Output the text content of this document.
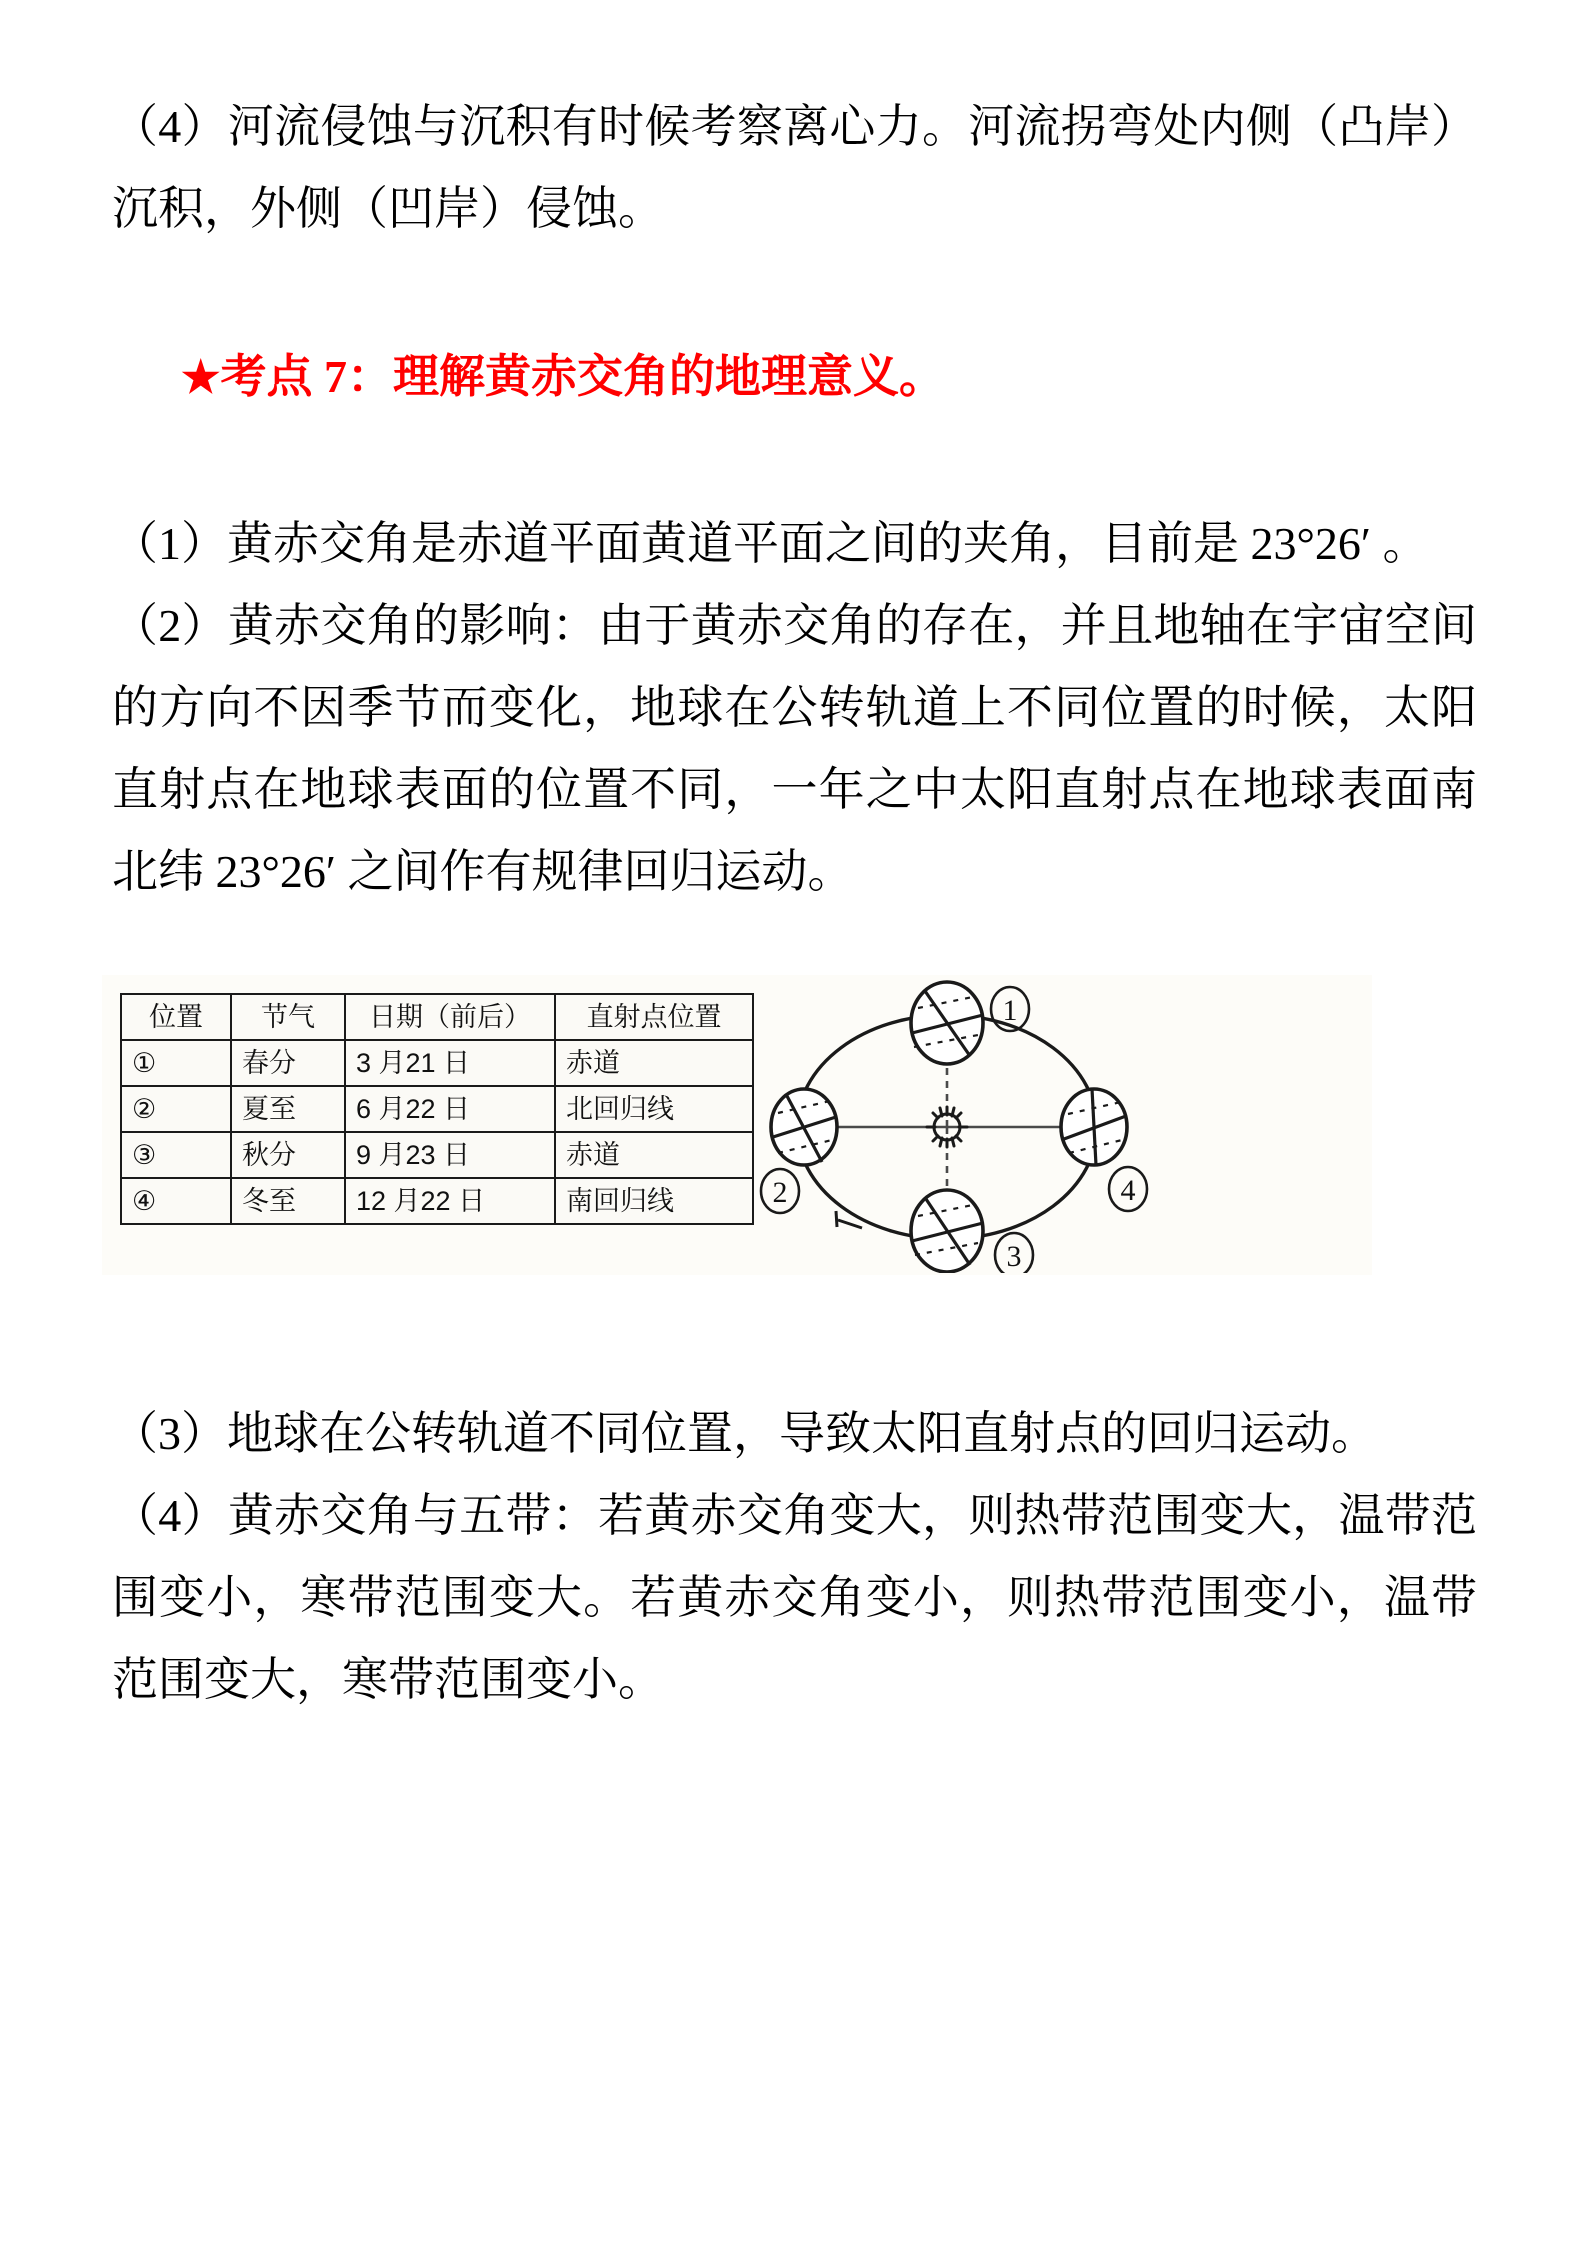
（4）河流侵蚀与沉积有时候考察离心力。河流拐弯处内侧（凸岸）沉积，外侧（凹岸）侵蚀。

★考点 7：理解黄赤交角的地理意义。

（1）黄赤交角是赤道平面黄道平面之间的夹角，目前是 23°26′ 。

（2）黄赤交角的影响：由于黄赤交角的存在，并且地轴在宇宙空间的方向不因季节而变化，地球在公转轨道上不同位置的时候，太阳直射点在地球表面的位置不同，一年之中太阳直射点在地球表面南北纬 23°26′ 之间作有规律回归运动。

位置	节气	日期（前后）	直射点位置
①	春分	3 月21 日	赤道
②	夏至	6 月22 日	北回归线
③	秋分	9 月23 日	赤道
④	冬至	12 月22 日	南回归线
1
2
3
4

（3）地球在公转轨道不同位置，导致太阳直射点的回归运动。

（4）黄赤交角与五带：若黄赤交角变大，则热带范围变大，温带范围变小，寒带范围变大。若黄赤交角变小，则热带范围变小，温带范围变大，寒带范围变小。
